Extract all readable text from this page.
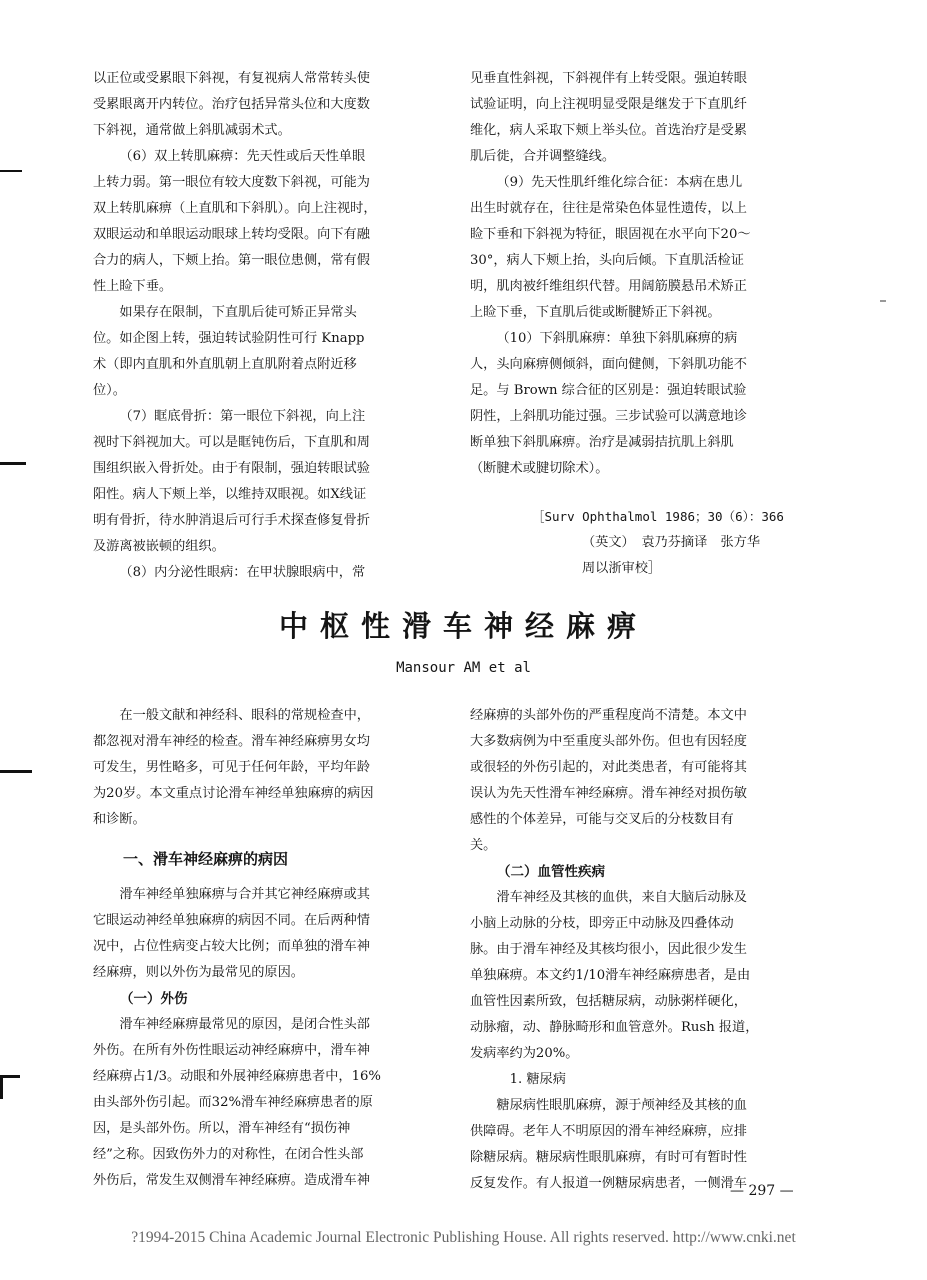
以正位或受累眼下斜视，有复视病人常常转头使
受累眼离开内转位。治疗包括异常头位和大度数
下斜视，通常做上斜肌减弱术式。

（6）双上转肌麻痹：先天性或后天性单眼
上转力弱。第一眼位有较大度数下斜视，可能为
双上转肌麻痹（上直肌和下斜肌）。向上注视时，
双眼运动和单眼运动眼球上转均受限。向下有融
合力的病人，下颊上抬。第一眼位患侧，常有假
性上睑下垂。

如果存在限制，下直肌后徒可矫正异常头
位。如企图上转，强迫转试验阴性可行 Knapp
术（即内直肌和外直肌朝上直肌附着点附近移
位）。

（7）眶底骨折：第一眼位下斜视，向上注
视时下斜视加大。可以是眶钝伤后，下直肌和周
围组织嵌入骨折处。由于有限制，强迫转眼试验
阳性。病人下颊上举，以维持双眼视。如X线证
明有骨折，待水肿消退后可行手术探查修复骨折
及游离被嵌顿的组织。

（8）内分泌性眼病：在甲状腺眼病中，常

见垂直性斜视，下斜视伴有上转受限。强迫转眼
试验证明，向上注视明显受限是继发于下直肌纤
维化，病人采取下颊上举头位。首选治疗是受累
肌后徙，合并调整缝线。

（9）先天性肌纤维化综合征：本病在患儿
出生时就存在，往往是常染色体显性遗传，以上
睑下垂和下斜视为特征，眼固视在水平向下20～
30°，病人下颊上抬，头向后倾。下直肌活检证
明，肌肉被纤维组织代替。用阔筋膜悬吊术矫正
上睑下垂，下直肌后徙或断腱矫正下斜视。

（10）下斜肌麻痹：单独下斜肌麻痹的病
人，头向麻痹侧倾斜，面向健侧，下斜肌功能不
足。与 Brown 综合征的区别是：强迫转眼试验
阴性，上斜肌功能过强。三步试验可以满意地诊
断单独下斜肌麻痹。治疗是减弱拮抗肌上斜肌
（断腱术或腱切除术）。

［Surv Ophthalmol 1986；30（6）：366
（英文）　袁乃芬摘译　张方华
周以浙审校］
中枢性滑车神经麻痹
Mansour AM et al

在一般文献和神经科、眼科的常规检查中，
都忽视对滑车神经的检查。滑车神经麻痹男女均
可发生，男性略多，可见于任何年龄，平均年龄
为20岁。本文重点讨论滑车神经单独麻痹的病因
和诊断。

一、滑车神经麻痹的病因

滑车神经单独麻痹与合并其它神经麻痹或其
它眼运动神经单独麻痹的病因不同。在后两种情
况中，占位性病变占较大比例；而单独的滑车神
经麻痹，则以外伤为最常见的原因。

（一）外伤

滑车神经麻痹最常见的原因，是闭合性头部
外伤。在所有外伤性眼运动神经麻痹中，滑车神
经麻痹占1/3。动眼和外展神经麻痹患者中，16%
由头部外伤引起。而32%滑车神经麻痹患者的原
因，是头部外伤。所以，滑车神经有“损伤神
经”之称。因致伤外力的对称性，在闭合性头部
外伤后，常发生双侧滑车神经麻痹。造成滑车神

经麻痹的头部外伤的严重程度尚不清楚。本文中
大多数病例为中至重度头部外伤。但也有因轻度
或很轻的外伤引起的，对此类患者，有可能将其
误认为先天性滑车神经麻痹。滑车神经对损伤敏
感性的个体差异，可能与交叉后的分枝数目有
关。

（二）血管性疾病

滑车神经及其核的血供，来自大脑后动脉及
小脑上动脉的分枝，即旁正中动脉及四叠体动
脉。由于滑车神经及其核均很小，因此很少发生
单独麻痹。本文约1/10滑车神经麻痹患者，是由
血管性因素所致，包括糖尿病，动脉粥样硬化，
动脉瘤，动、静脉畸形和血管意外。Rush 报道，
发病率约为20%。

1. 糖尿病

糖尿病性眼肌麻痹，源于颅神经及其核的血
供障碍。老年人不明原因的滑车神经麻痹，应排
除糖尿病。糖尿病性眼肌麻痹，有时可有暂时性
反复发作。有人报道一例糖尿病患者，一侧滑车

— 297 —
?1994-2015 China Academic Journal Electronic Publishing House. All rights reserved. http://www.cnki.net
